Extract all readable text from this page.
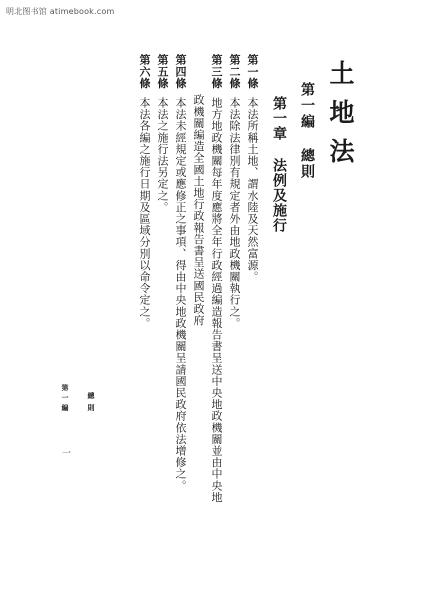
明北图书馆 atimebook.com
土地法
第一編 總則
第一章 法例及施行
第一條本法所稱土地、謂水陸及天然富源。
第二條本法除法律別有規定者外由地政機關執行之。
第三條地方地政機關每年度應將全年行政經過編造報告書呈送中央地政機關並由中央地
政機關編造全國土地行政報告書呈送國民政府
第四條本法未經規定或應修正之事項、得由中央地政機關呈請國民政府依法增修之。
第五條本法之施行法另定之。
第六條本法各編之施行日期及區域分別以命令定之。
第一編 總則
一
